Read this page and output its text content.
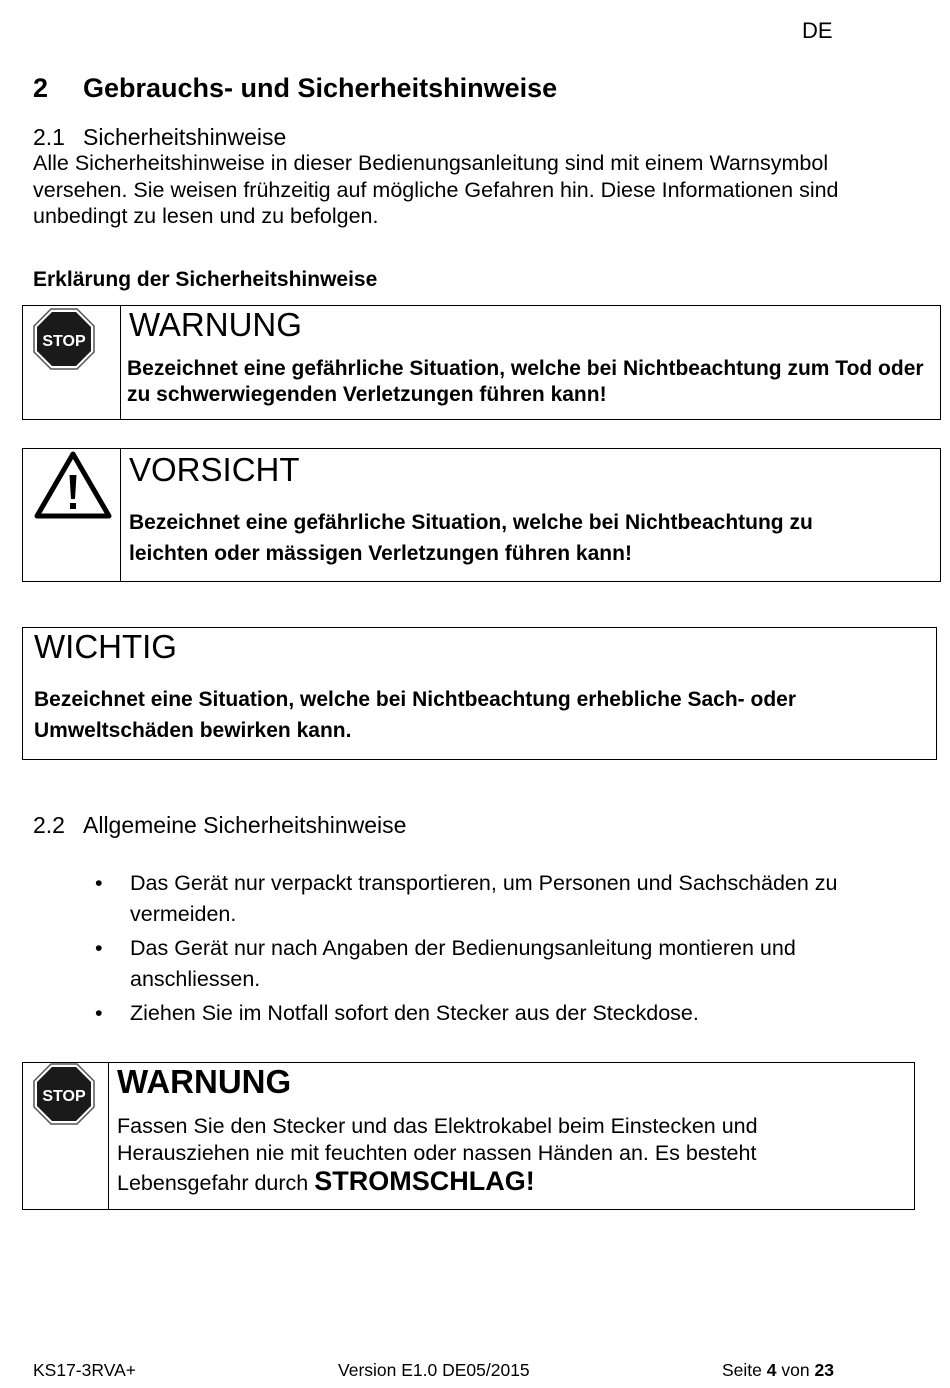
DE
2 Gebrauchs- und Sicherheitshinweise
2.1 Sicherheitshinweise
Alle Sicherheitshinweise in dieser Bedienungsanleitung sind mit einem Warnsymbol versehen. Sie weisen frühzeitig auf mögliche Gefahren hin. Diese Informationen sind unbedingt zu lesen und zu befolgen.
Erklärung der Sicherheitshinweise
STOP WARNUNG
Bezeichnet eine gefährliche Situation, welche bei Nichtbeachtung zum Tod oder zu schwerwiegenden Verletzungen führen kann!
VORSICHT
Bezeichnet eine gefährliche Situation, welche bei Nichtbeachtung zu
leichten oder mässigen Verletzungen führen kann!
WICHTIG
Bezeichnet eine Situation, welche bei Nichtbeachtung erhebliche Sach- oder
Umweltschäden bewirken kann.
2.2 Allgemeine Sicherheitshinweise
• Das Gerät nur verpackt transportieren, um Personen und Sachschäden zu vermeiden.
• Das Gerät nur nach Angaben der Bedienungsanleitung montieren und anschliessen.
• Ziehen Sie im Notfall sofort den Stecker aus der Steckdose.
STOP WARNUNG
Fassen Sie den Stecker und das Elektrokabel beim Einstecken und
Herausziehen nie mit feuchten oder nassen Händen an. Es besteht
Lebensgefahr durch STROMSCHLAG!
KS17-3RVA+	Version E1.0 DE05/2015	Seite 4 von 23
